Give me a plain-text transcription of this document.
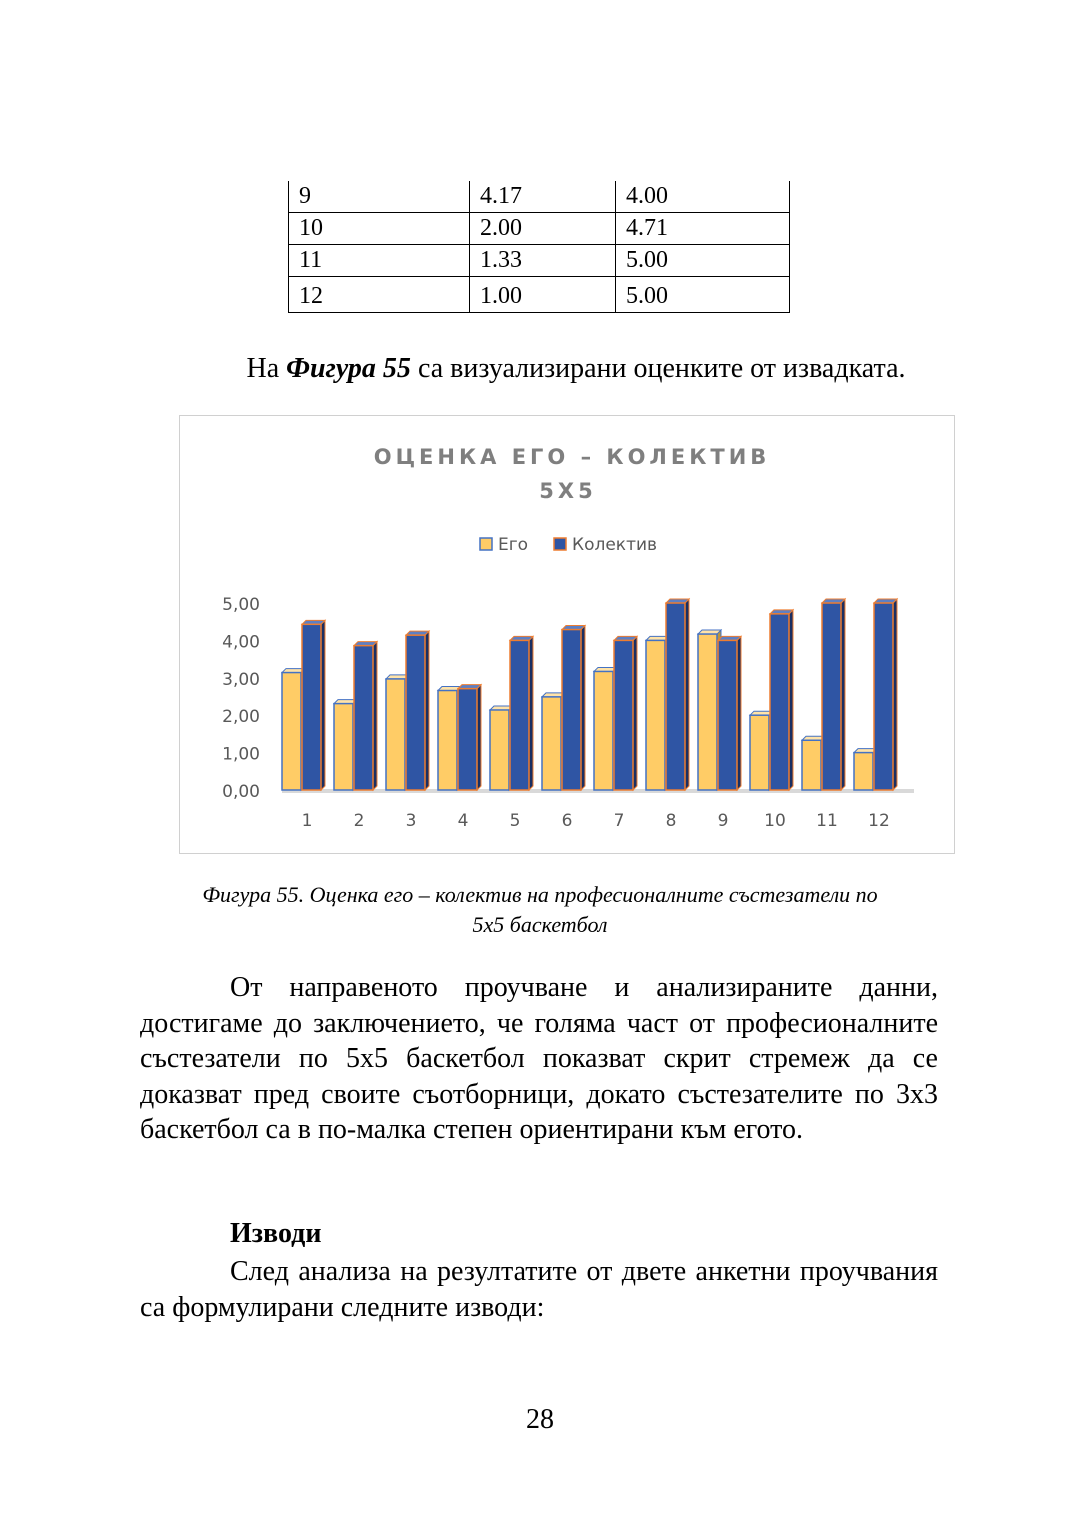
9	4.17	4.00
10	2.00	4.71
11	1.33	5.00
12	1.00	5.00
На Фигура 55 са визуализирани оценките от извадката.
ОЦЕНКА ЕГО – КОЛЕКТИВ
5X5
Его	Колектив
0,00
1,00
2,00
3,00
4,00
5,00
1 2 3 4 5 6 7 8 9 10 11 12
Фигура 55. Оценка его – колектив на професионалните състезатели по
5х5 баскетбол
От направеното проучване и анализираните данни, достигаме до заключението, че голяма част от професионалните състезатели по 5х5 баскетбол показват скрит стремеж да се доказват пред своите съотборници, докато състезателите по 3х3 баскетбол са в по-малка степен ориентирани към егото.
Изводи
След анализа на резултатите от двете анкетни проучвания са формулирани следните изводи:
28
